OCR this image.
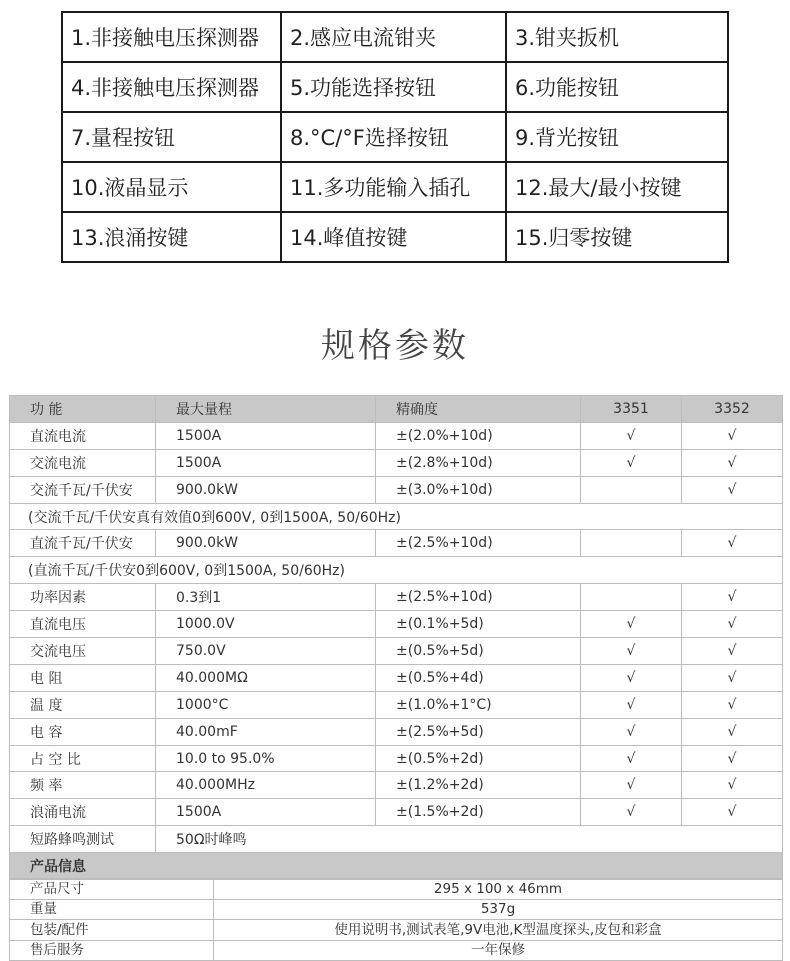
1.非接触电压探测器	2.感应电流钳夹	3.钳夹扳机
4.非接触电压探测器	5.功能选择按钮	6.功能按钮
7.量程按钮	8.°C/°F选择按钮	9.背光按钮
10.液晶显示	11.多功能输入插孔	12.最大/最小按键
13.浪涌按键	14.峰值按键	15.归零按键
规格参数
功 能	最大量程	精确度	3351	3352
直流电流	1500A	±(2.0%+10d)	√	√
交流电流	1500A	±(2.8%+10d)	√	√
交流千瓦/千伏安	900.0kW	±(3.0%+10d)		√
(交流千瓦/千伏安真有效值0到600V, 0到1500A, 50/60Hz)				
直流千瓦/千伏安	900.0kW	±(2.5%+10d)		√
(直流千瓦/千伏安0到600V, 0到1500A, 50/60Hz)				
功率因素	0.3到1	±(2.5%+10d)		√
直流电压	1000.0V	±(0.1%+5d)	√	√
交流电压	750.0V	±(0.5%+5d)	√	√
电 阻	40.000MΩ	±(0.5%+4d)	√	√
温 度	1000°C	±(1.0%+1°C)	√	√
电 容	40.00mF	±(2.5%+5d)	√	√
占 空 比	10.0 to 95.0%	±(0.5%+2d)	√	√
频 率	40.000MHz	±(1.2%+2d)	√	√
浪涌电流	1500A	±(1.5%+2d)	√	√
短路蜂鸣测试	50Ω时峰鸣			
产品信息				
产品尺寸	295 x 100 x 46mm
重量	537g
包装/配件	使用说明书,测试表笔,9V电池,K型温度探头,皮包和彩盒
售后服务	一年保修
